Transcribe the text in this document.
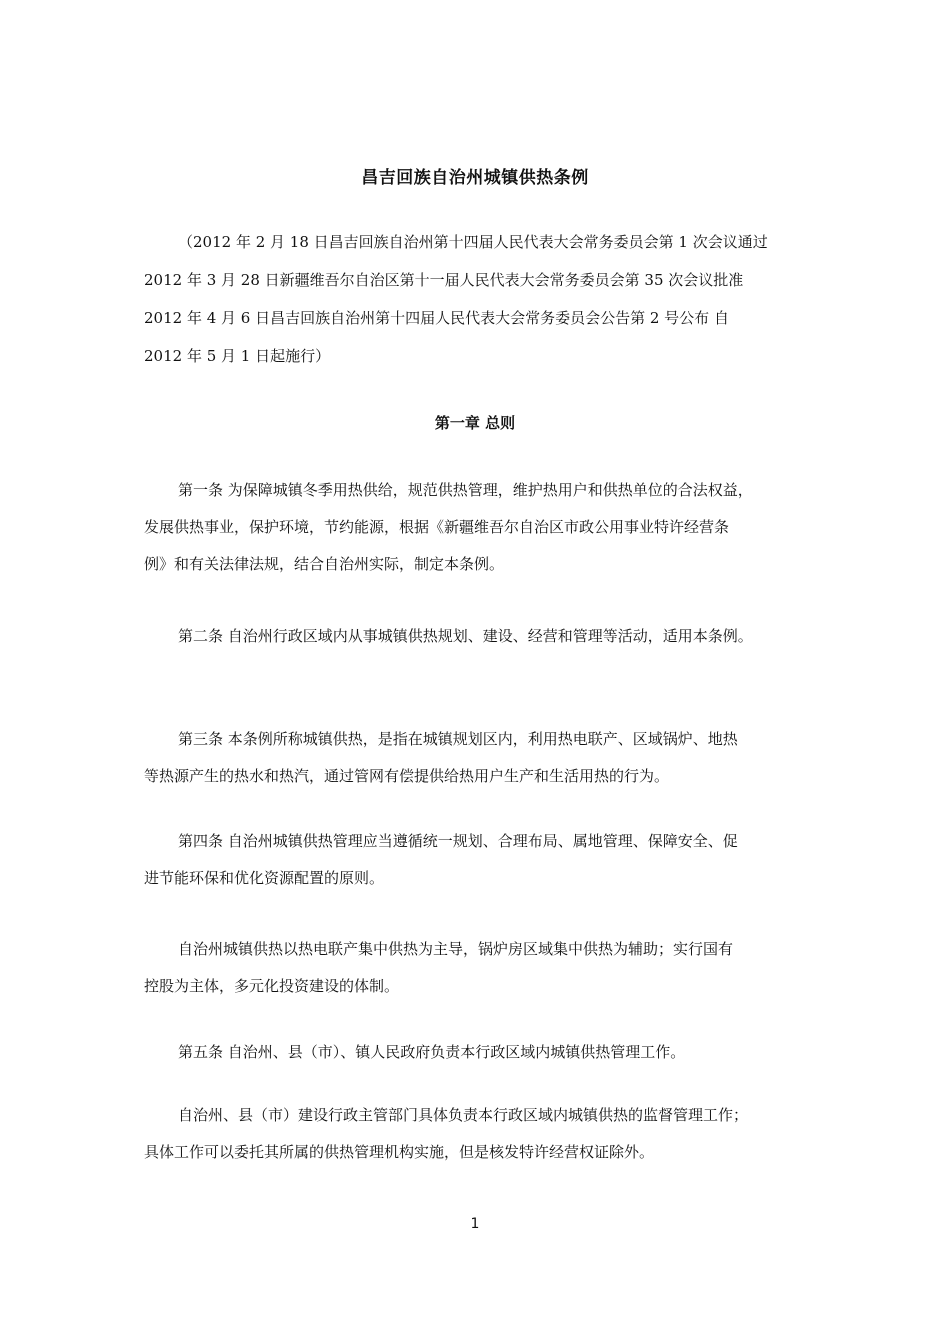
昌吉回族自治州城镇供热条例
（2012 年 2 月 18 日昌吉回族自治州第十四届人民代表大会常务委员会第 1 次会议通过
2012 年 3 月 28 日新疆维吾尔自治区第十一届人民代表大会常务委员会第 35 次会议批准
2012 年 4 月 6 日昌吉回族自治州第十四届人民代表大会常务委员会公告第 2 号公布 自
2012 年 5 月 1 日起施行）
第一章 总则
第一条 为保障城镇冬季用热供给，规范供热管理，维护热用户和供热单位的合法权益，
发展供热事业，保护环境，节约能源，根据《新疆维吾尔自治区市政公用事业特许经营条
例》和有关法律法规，结合自治州实际，制定本条例。
第二条 自治州行政区域内从事城镇供热规划、建设、经营和管理等活动，适用本条例。
第三条 本条例所称城镇供热，是指在城镇规划区内，利用热电联产、区域锅炉、地热
等热源产生的热水和热汽，通过管网有偿提供给热用户生产和生活用热的行为。
第四条 自治州城镇供热管理应当遵循统一规划、合理布局、属地管理、保障安全、促
进节能环保和优化资源配置的原则。
自治州城镇供热以热电联产集中供热为主导，锅炉房区域集中供热为辅助；实行国有
控股为主体，多元化投资建设的体制。
第五条 自治州、县（市）、镇人民政府负责本行政区域内城镇供热管理工作。
自治州、县（市）建设行政主管部门具体负责本行政区域内城镇供热的监督管理工作；
具体工作可以委托其所属的供热管理机构实施，但是核发特许经营权证除外。
1
